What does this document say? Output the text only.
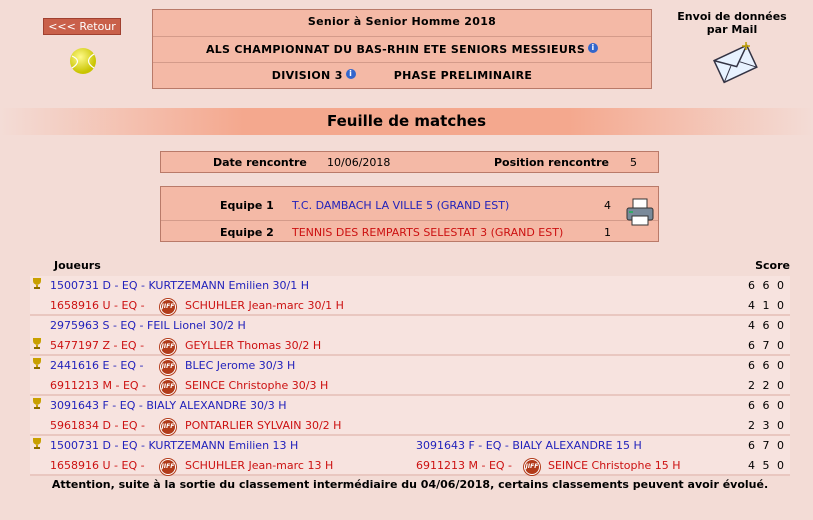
<<< Retour	Senior à Senior Homme 2018
ALS CHAMPIONNAT DU BAS-RHIN ETE SENIORS MESSIEURS i
DIVISION 3 i	PHASE PRELIMINAIRE
Envoi de données
par Mail
Feuille de matches
Date rencontre 10/06/2018	Position rencontre 5
Equipe 1 T.C. DAMBACH LA VILLE 5 (GRAND EST)	4
Equipe 2 TENNIS DES REMPARTS SELESTAT 3 (GRAND EST)	1
Joueurs	Score
1500731 D - EQ - KURTZEMANN Emilien 30/1 H	6 6 0
1658916 U - EQ -	JIFF SCHUHLER Jean-marc 30/1 H	4 1 0
2975963 S - EQ - FEIL Lionel 30/2 H	4 6 0
5477197 Z - EQ -	JIFF GEYLLER Thomas 30/2 H	6 7 0
2441616 E - EQ -	JIFF BLEC Jerome 30/3 H	6 6 0
6911213 M - EQ -	JIFF SEINCE Christophe 30/3 H	2 2 0
3091643 F - EQ - BIALY ALEXANDRE 30/3 H	6 6 0
5961834 D - EQ -	JIFF PONTARLIER SYLVAIN 30/2 H	2 3 0
1500731 D - EQ - KURTZEMANN Emilien 13 H	3091643 F - EQ - BIALY ALEXANDRE 15 H	6 7 0
1658916 U - EQ -	JIFF SCHUHLER Jean-marc 13 H	6911213 M - EQ - JIFF SEINCE Christophe 15 H	4 5 0
Attention, suite à la sortie du classement intermédiaire du 04/06/2018, certains classements peuvent avoir évolué.
